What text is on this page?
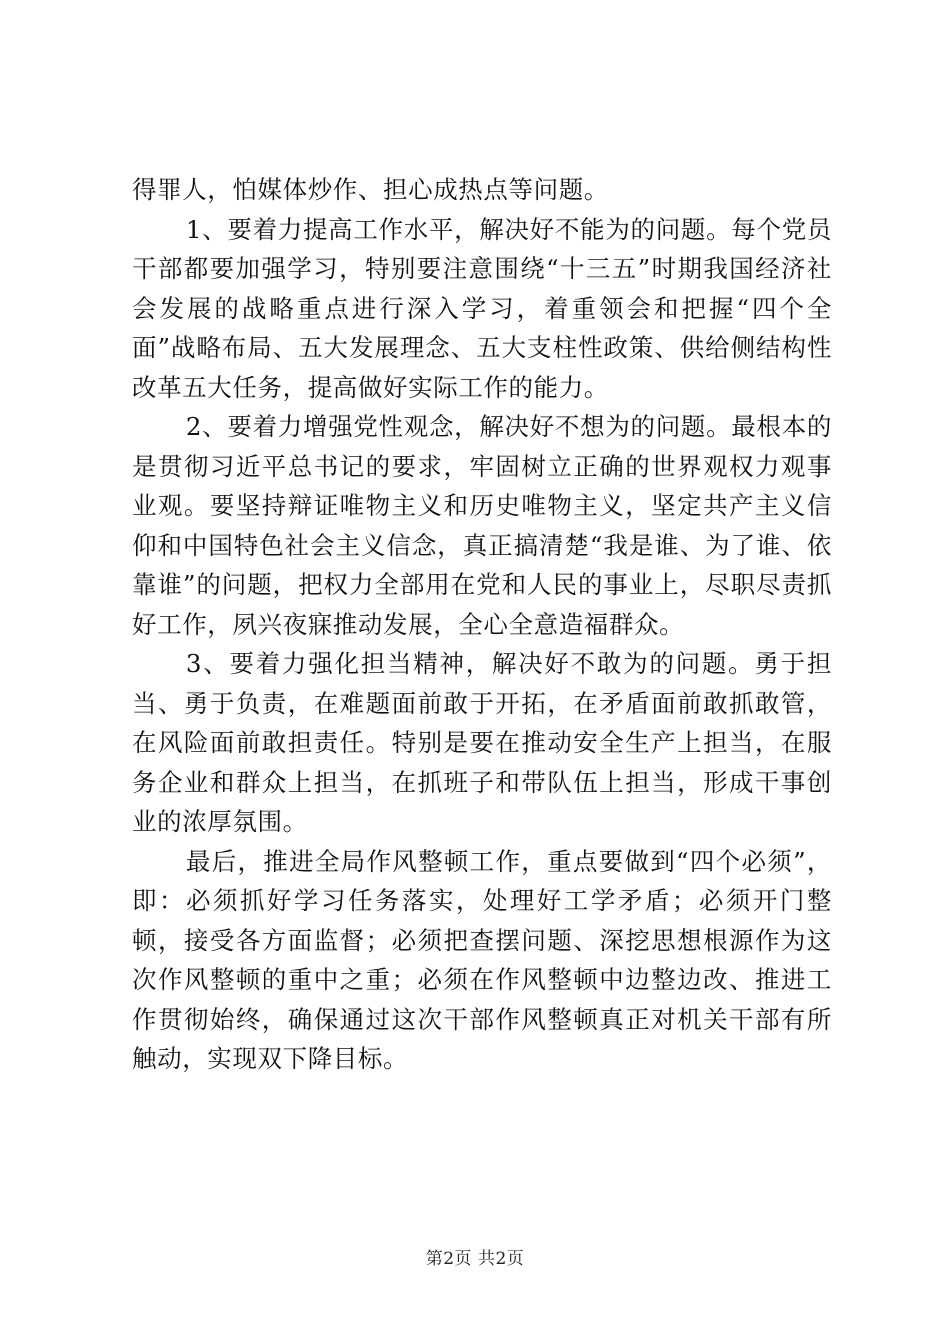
得罪人，怕媒体炒作、担心成热点等问题。

1、要着力提高工作水平，解决好不能为的问题。每个党员干部都要加强学习，特别要注意围绕“十三五”时期我国经济社会发展的战略重点进行深入学习，着重领会和把握“四个全面”战略布局、五大发展理念、五大支柱性政策、供给侧结构性改革五大任务，提高做好实际工作的能力。

2、要着力增强党性观念，解决好不想为的问题。最根本的是贯彻习近平总书记的要求，牢固树立正确的世界观权力观事业观。要坚持辩证唯物主义和历史唯物主义，坚定共产主义信仰和中国特色社会主义信念，真正搞清楚“我是谁、为了谁、依靠谁”的问题，把权力全部用在党和人民的事业上，尽职尽责抓好工作，夙兴夜寐推动发展，全心全意造福群众。

3、要着力强化担当精神，解决好不敢为的问题。勇于担当、勇于负责，在难题面前敢于开拓，在矛盾面前敢抓敢管，在风险面前敢担责任。特别是要在推动安全生产上担当，在服务企业和群众上担当，在抓班子和带队伍上担当，形成干事创业的浓厚氛围。

最后，推进全局作风整顿工作，重点要做到“四个必须”，即：必须抓好学习任务落实，处理好工学矛盾；必须开门整顿，接受各方面监督；必须把查摆问题、深挖思想根源作为这次作风整顿的重中之重；必须在作风整顿中边整边改、推进工作贯彻始终，确保通过这次干部作风整顿真正对机关干部有所触动，实现双下降目标。

第2页 共2页
